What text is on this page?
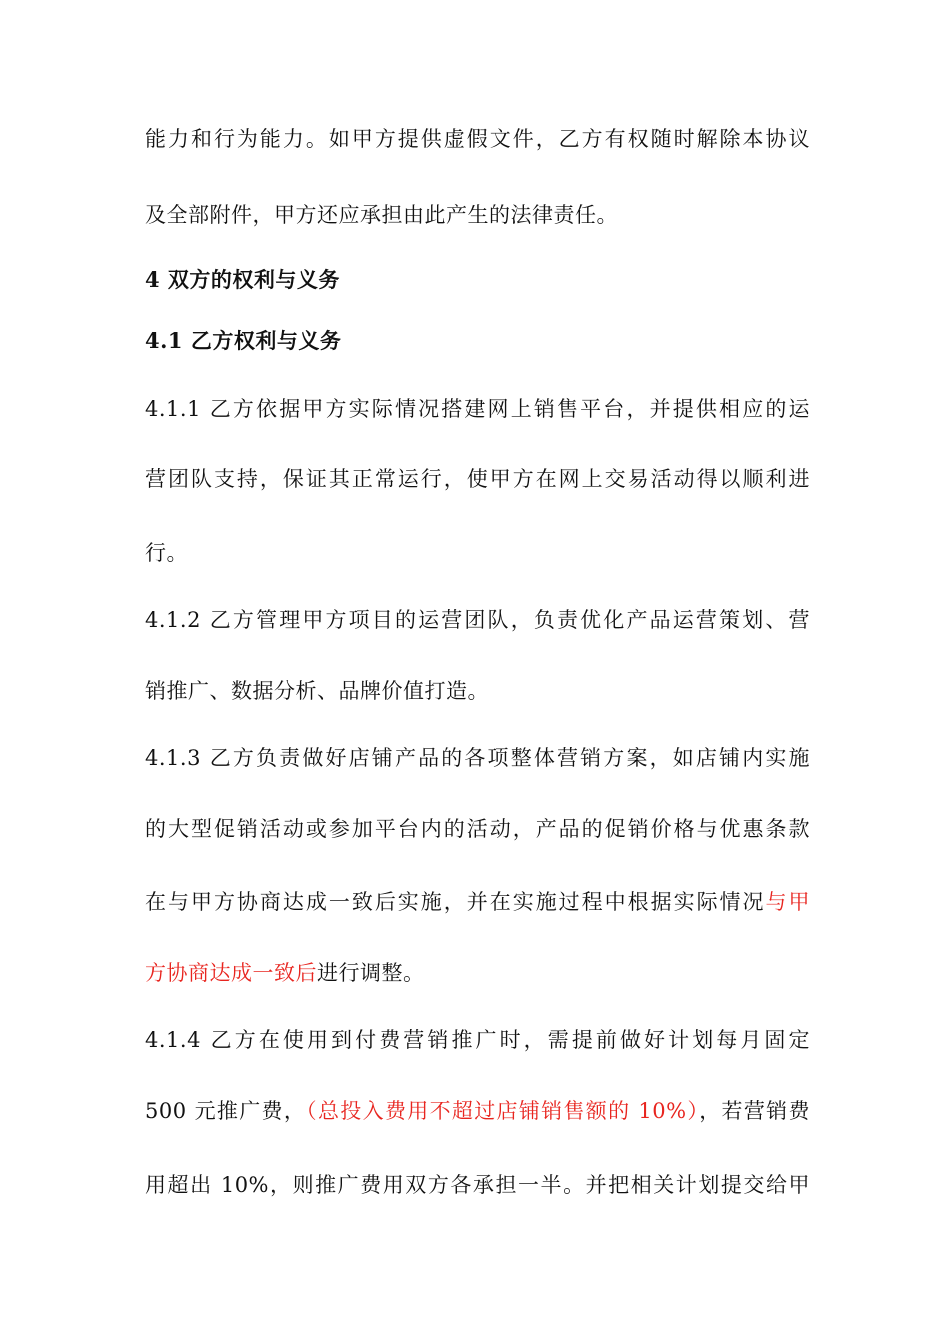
能力和行为能力。如甲方提供虚假文件，乙方有权随时解除本协议
及全部附件，甲方还应承担由此产生的法律责任。
4 双方的权利与义务
4.1 乙方权利与义务
4.1.1 乙方依据甲方实际情况搭建网上销售平台，并提供相应的运
营团队支持，保证其正常运行，使甲方在网上交易活动得以顺利进
行。
4.1.2 乙方管理甲方项目的运营团队，负责优化产品运营策划、营
销推广、数据分析、品牌价值打造。
4.1.3 乙方负责做好店铺产品的各项整体营销方案，如店铺内实施
的大型促销活动或参加平台内的活动，产品的促销价格与优惠条款
在与甲方协商达成一致后实施，并在实施过程中根据实际情况与甲
方协商达成一致后进行调整。
4.1.4 乙方在使用到付费营销推广时，需提前做好计划每月固定
500 元推广费，（总投入费用不超过店铺销售额的 10%），若营销费
用超出 10%，则推广费用双方各承担一半。并把相关计划提交给甲
